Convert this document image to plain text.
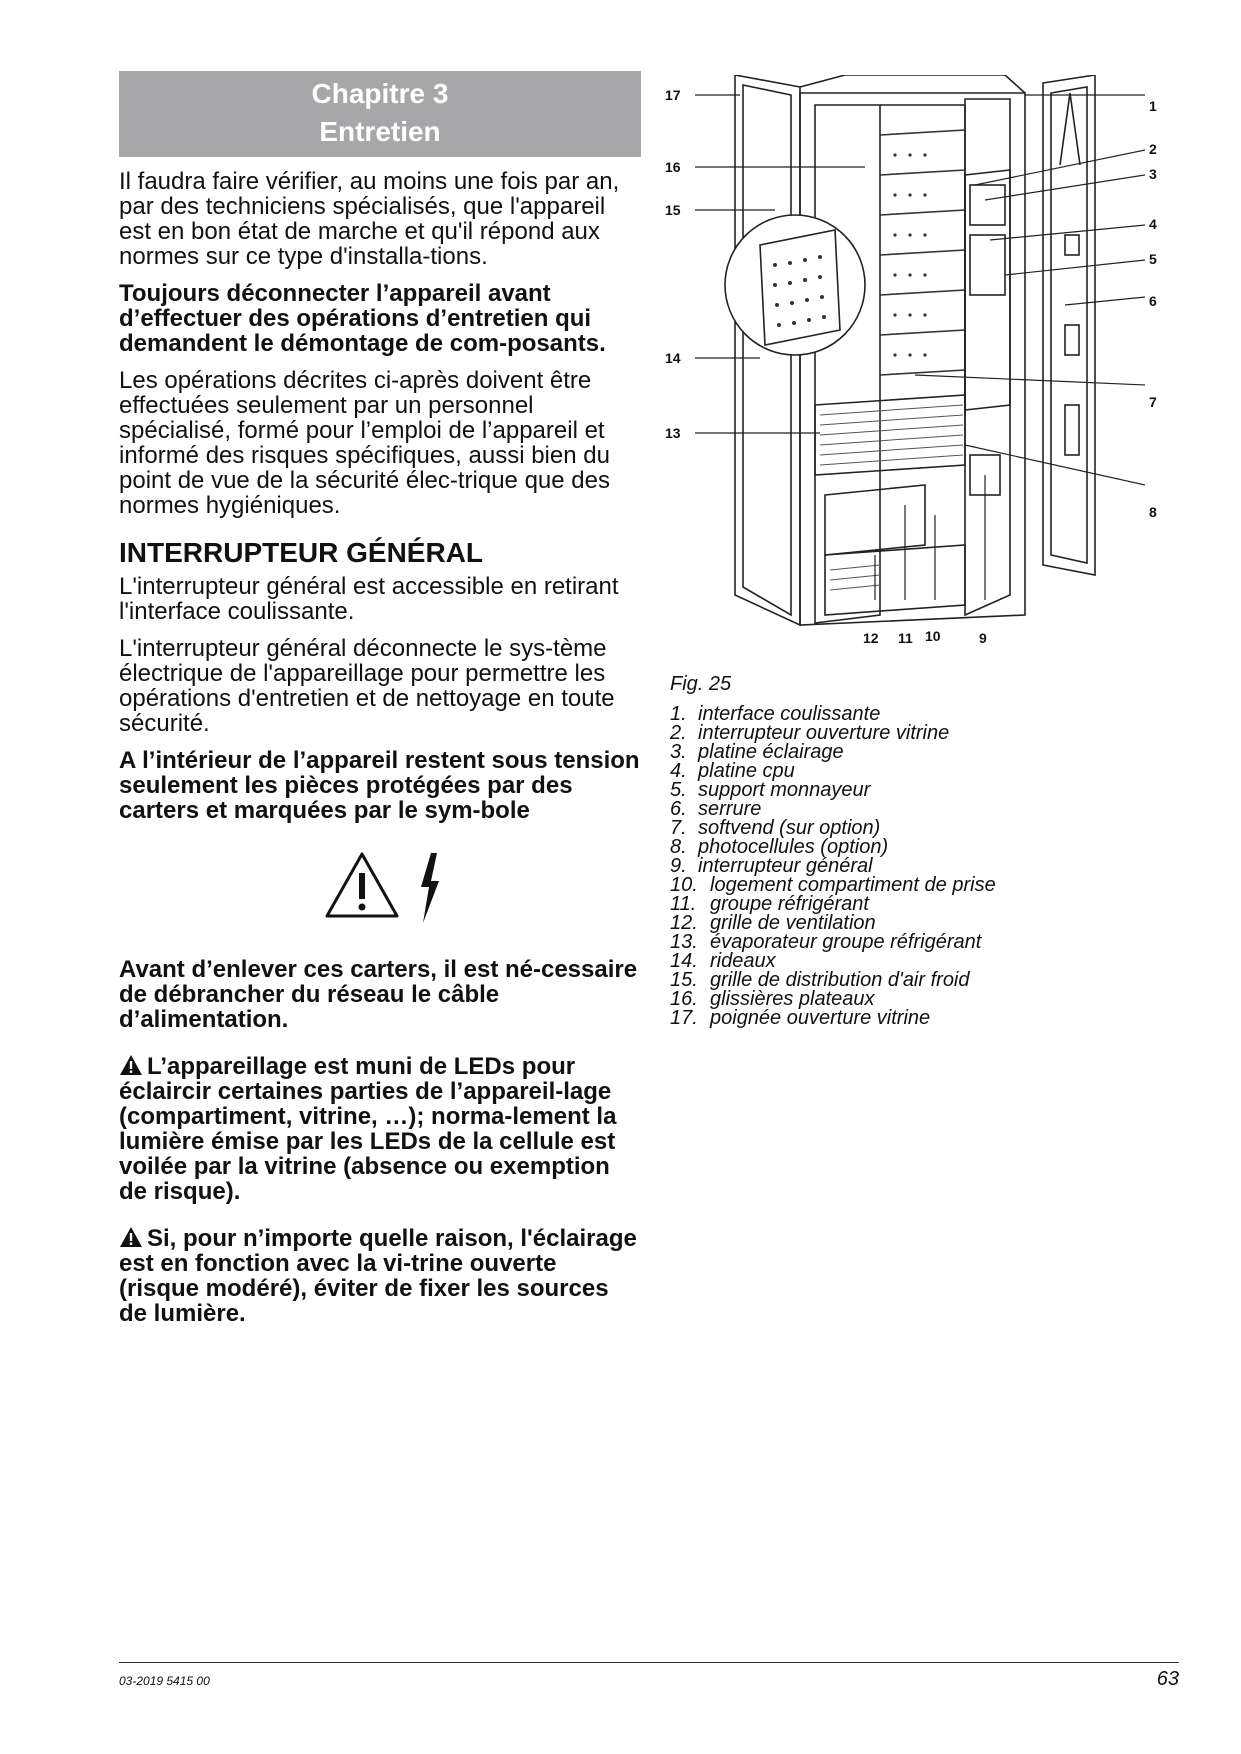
Chapitre 3
Entretien

Il faudra faire vérifier, au moins une fois par an, par des techniciens spécialisés, que l'appareil est en bon état de marche et qu'il répond aux normes sur ce type d'installa-tions.

Toujours déconnecter l’appareil avant d’effectuer des opérations d’entretien qui demandent le démontage de com-posants.

Les opérations décrites ci-après doivent être effectuées seulement par un personnel spécialisé, formé pour l’emploi de l’appareil et informé des risques spécifiques, aussi bien du point de vue de la sécurité élec-trique que des normes hygiéniques.

INTERRUPTEUR GÉNÉRAL

L'interrupteur général est accessible en retirant l'interface coulissante.

L'interrupteur général déconnecte le sys-tème électrique de l'appareillage pour permettre les opérations d'entretien et de nettoyage en toute sécurité.

A l’intérieur de l’appareil restent sous tension seulement les pièces protégées par des carters et marquées par le sym-bole

Avant d’enlever ces carters, il est né-cessaire de débrancher du réseau le câble d’alimentation.

L’appareillage est muni de LEDs pour éclaircir certaines parties de l’appareil-lage (compartiment, vitrine, …); norma-lement la lumière émise par les LEDs de la cellule est voilée par la vitrine (absence ou exemption de risque).

Si, pour n’importe quelle raison, l'éclairage est en fonction avec la vi-trine ouverte (risque modéré), éviter de fixer les sources de lumière.

17
16
15
14
13
1
2
3
4
5
6
7
8
9
10
11
12
Fig. 25
1. interface coulissante
2. interrupteur ouverture vitrine
3. platine éclairage
4. platine cpu
5. support monnayeur
6. serrure
7. softvend (sur option)
8. photocellules (option)
9. interrupteur général
10. logement compartiment de prise
11. groupe réfrigérant
12. grille de ventilation
13. évaporateur groupe réfrigérant
14. rideaux
15. grille de distribution d'air froid
16. glissières plateaux
17. poignée ouverture vitrine
03-2019 5415 00	63
